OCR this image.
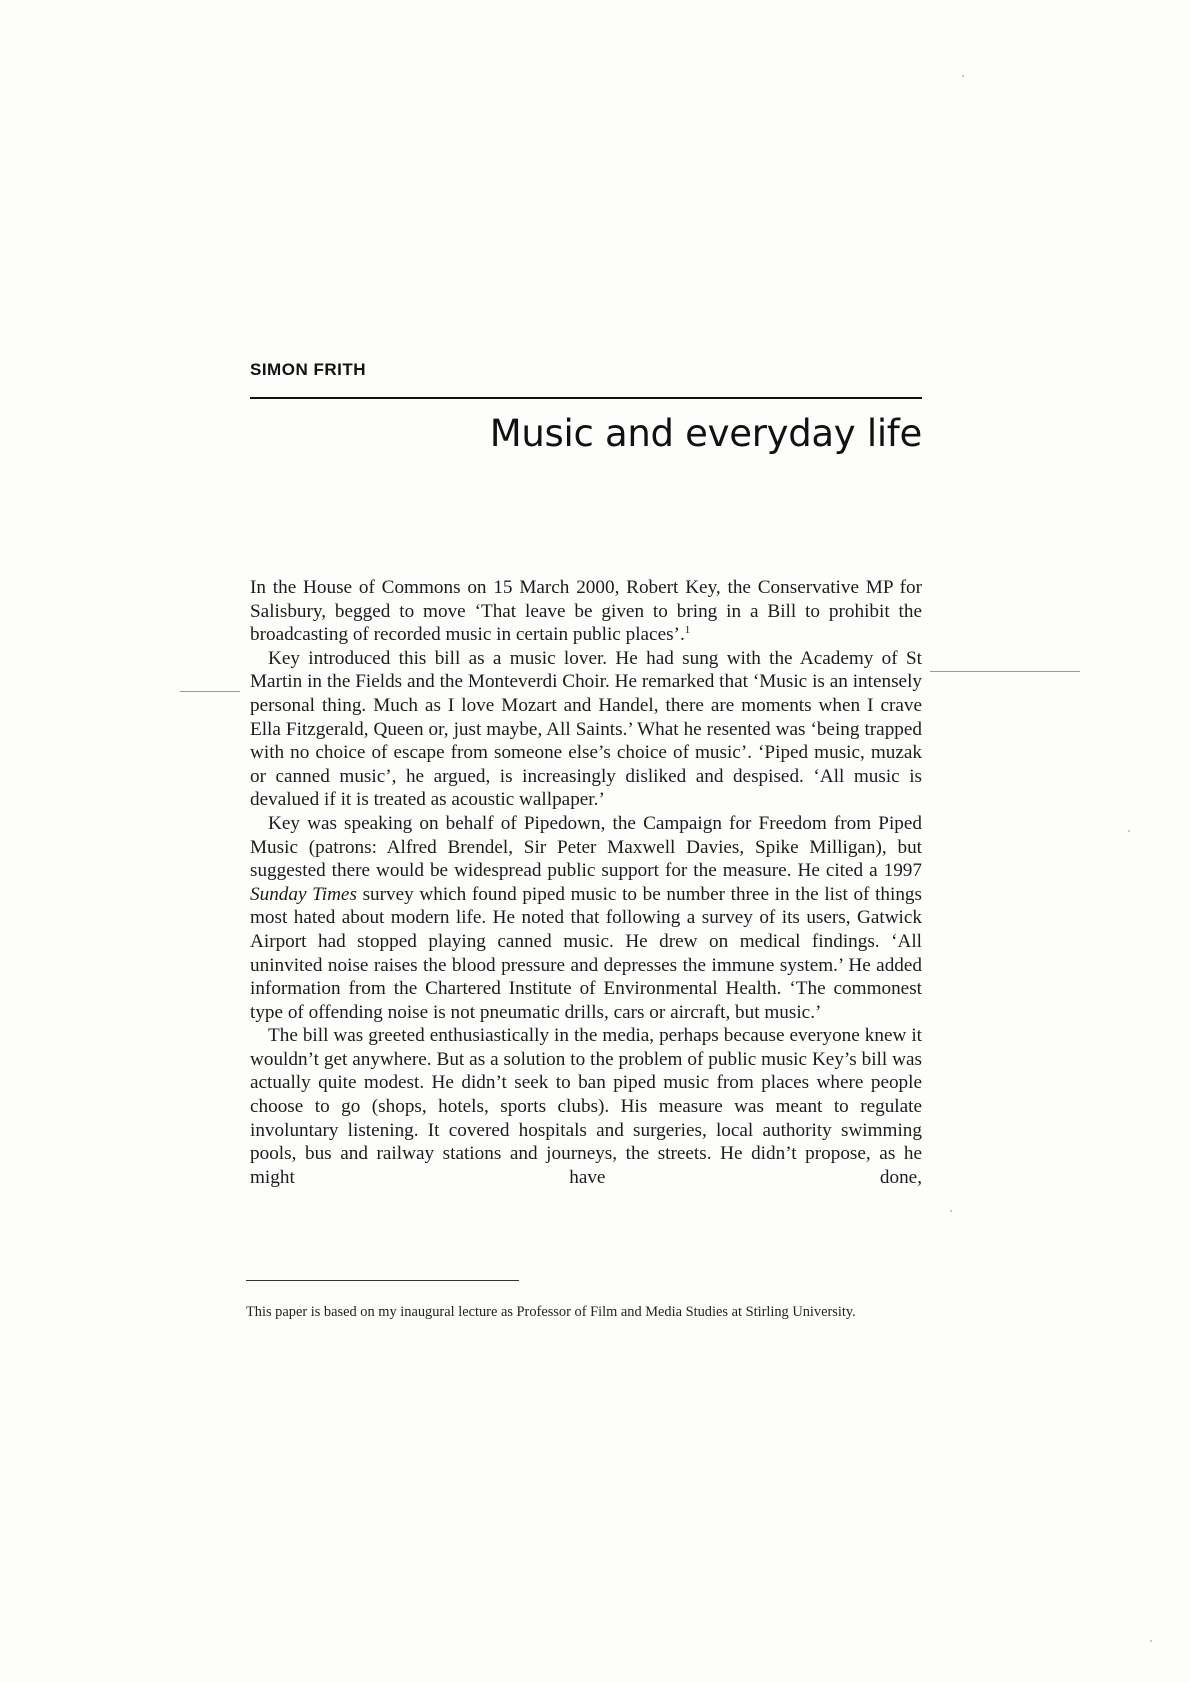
SIMON FRITH
Music and everyday life

In the House of Commons on 15 March 2000, Robert Key, the Conservative MP for Salisbury, begged to move ‘That leave be given to bring in a Bill to prohibit the broadcasting of recorded music in certain public places’.$^1$

Key introduced this bill as a music lover. He had sung with the Academy of St Martin in the Fields and the Monteverdi Choir. He remarked that ‘Music is an intensely personal thing. Much as I love Mozart and Handel, there are moments when I crave Ella Fitzgerald, Queen or, just maybe, All Saints.’ What he resented was ‘being trapped with no choice of escape from someone else’s choice of music’. ‘Piped music, muzak or canned music’, he argued, is increasingly disliked and despised. ‘All music is devalued if it is treated as acoustic wallpaper.’

Key was speaking on behalf of Pipedown, the Campaign for Freedom from Piped Music (patrons: Alfred Brendel, Sir Peter Maxwell Davies, Spike Milligan), but suggested there would be widespread public support for the measure. He cited a 1997 Sunday Times survey which found piped music to be number three in the list of things most hated about modern life. He noted that following a survey of its users, Gatwick Airport had stopped playing canned music. He drew on medical findings. ‘All uninvited noise raises the blood pressure and depresses the immune system.’ He added information from the Chartered Institute of Environmental Health. ‘The commonest type of offending noise is not pneumatic drills, cars or aircraft, but music.’

The bill was greeted enthusiastically in the media, perhaps because everyone knew it wouldn’t get anywhere. But as a solution to the problem of public music Key’s bill was actually quite modest. He didn’t seek to ban piped music from places where people choose to go (shops, hotels, sports clubs). His measure was meant to regulate involuntary listening. It covered hospitals and surgeries, local authority swimming pools, bus and railway stations and journeys, the streets. He didn’t propose, as he might have done,

This paper is based on my inaugural lecture as Professor of Film and Media Studies at Stirling University.
